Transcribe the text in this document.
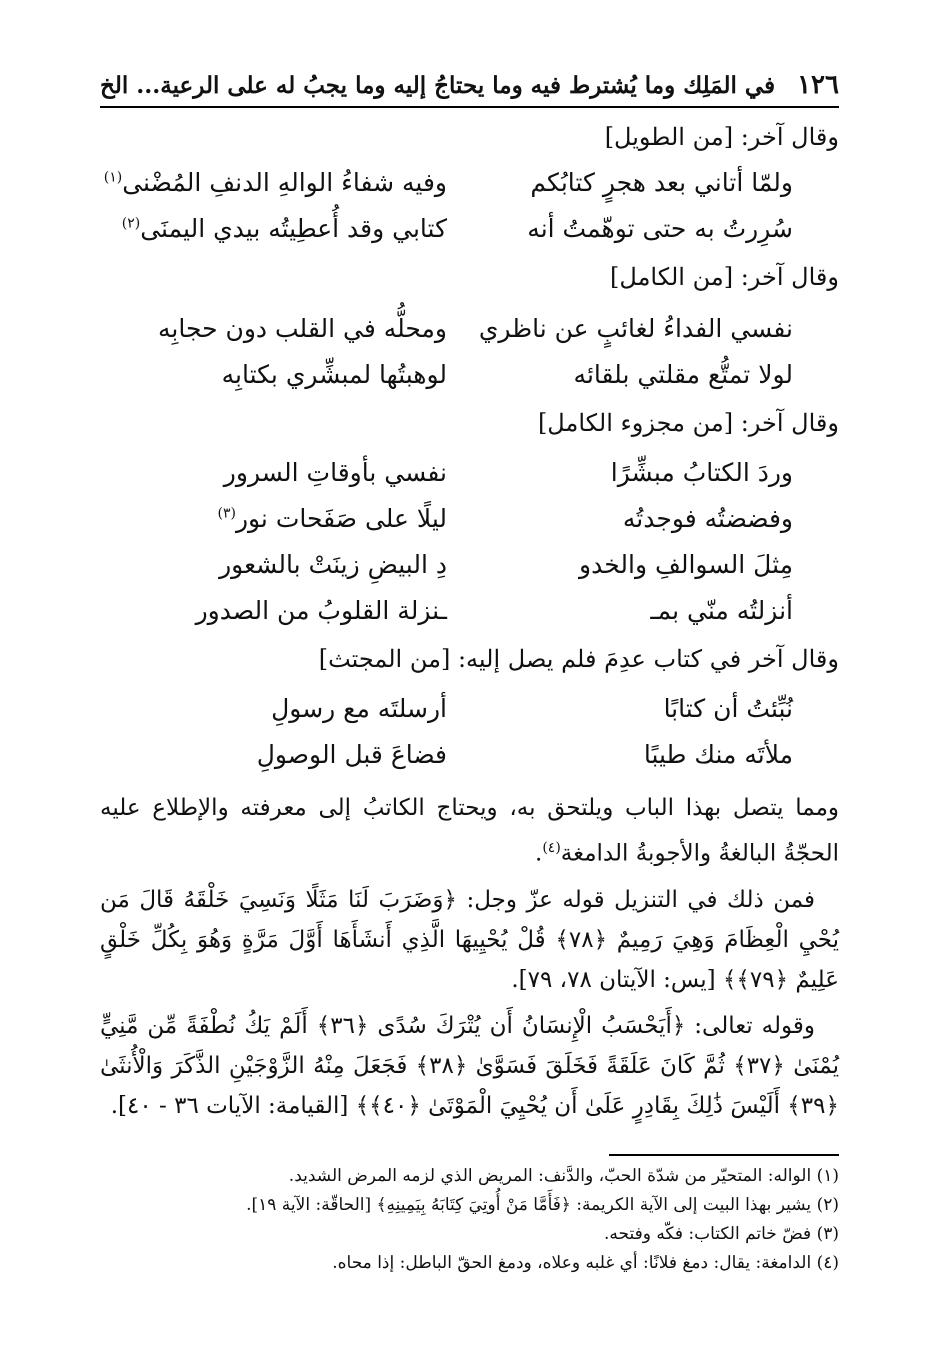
١٢٦
في المَلِك وما يُشترط فيه وما يحتاجُ إليه وما يجبُ له على الرعية... الخ
وقال آخر: [من الطويل]
ولمّا أتاني بعد هجرٍ كتابُكم
وفيه شفاءُ الوالهِ الدنفِ المُضْنى$^{(١)}$
سُرِرتُ به حتى توهّمتُ أنه
كتابي وقد أُعطِيتُه بيدي اليمنَى$^{(٢)}$
وقال آخر: [من الكامل]
نفسي الفداءُ لغائبٍ عن ناظري
ومحلُّه في القلب دون حجابِه
لولا تمتُّع مقلتي بلقائه
لوهبتُها لمبشِّري بكتابِه
وقال آخر: [من مجزوء الكامل]
وردَ الكتابُ مبشِّرًا
نفسي بأوقاتِ السرور
وفضضتُه فوجدتُه
ليلًا على صَفَحات نور$^{(٣)}$
مِثلَ السوالفِ والخدو
دِ البيضِ زينَتْ بالشعور
أنزلتُه منّي بمـ
ـنزلة القلوبُ من الصدور
وقال آخر في كتاب عدِمَ فلم يصل إليه: [من المجتث]
نُبِّئتُ أن كتابًا
أرسلتَه مع رسولِ
ملأتَه منك طيبًا
فضاعَ قبل الوصولِ

ومما يتصل بهذا الباب ويلتحق به، ويحتاج الكاتبُ إلى معرفته والإطلاع عليه الحجّةُ البالغةُ والأجوبةُ الدامغة$^{(٤)}$.

فمن ذلك في التنزيل قوله عزّ وجل: ﴿وَضَرَبَ لَنَا مَثَلًا وَنَسِيَ خَلْقَهُ قَالَ مَن يُحْيِ الْعِظَامَ وَهِيَ رَمِيمٌ ﴿٧٨﴾ قُلْ يُحْيِيهَا الَّذِي أَنشَأَهَا أَوَّلَ مَرَّةٍ وَهُوَ بِكُلِّ خَلْقٍ عَلِيمٌ ﴿٧٩﴾﴾ [يس: الآيتان ٧٨، ٧٩].

وقوله تعالى: ﴿أَيَحْسَبُ الْإِنسَانُ أَن يُتْرَكَ سُدًى ﴿٣٦﴾ أَلَمْ يَكُ نُطْفَةً مِّن مَّنِيٍّ يُمْنَىٰ ﴿٣٧﴾ ثُمَّ كَانَ عَلَقَةً فَخَلَقَ فَسَوَّىٰ ﴿٣٨﴾ فَجَعَلَ مِنْهُ الزَّوْجَيْنِ الذَّكَرَ وَالْأُنثَىٰ ﴿٣٩﴾ أَلَيْسَ ذَٰلِكَ بِقَادِرٍ عَلَىٰ أَن يُحْيِيَ الْمَوْتَىٰ ﴿٤٠﴾﴾ [القيامة: الآيات ٣٦ - ٤٠].

(١) الواله: المتحيّر من شدّة الحبّ، والدَّنف: المريض الذي لزمه المرض الشديد.
(٢) يشير بهذا البيت إلى الآية الكريمة: ﴿فَأَمَّا مَنْ أُوتِيَ كِتَابَهُ بِيَمِينِهِ﴾ [الحاقّة: الآية ١٩].
(٣) فضّ خاتم الكتاب: فكّه وفتحه.
(٤) الدامغة: يقال: دمغ فلانًا: أي غلبه وعلاه، ودمغ الحقّ الباطل: إذا محاه.
